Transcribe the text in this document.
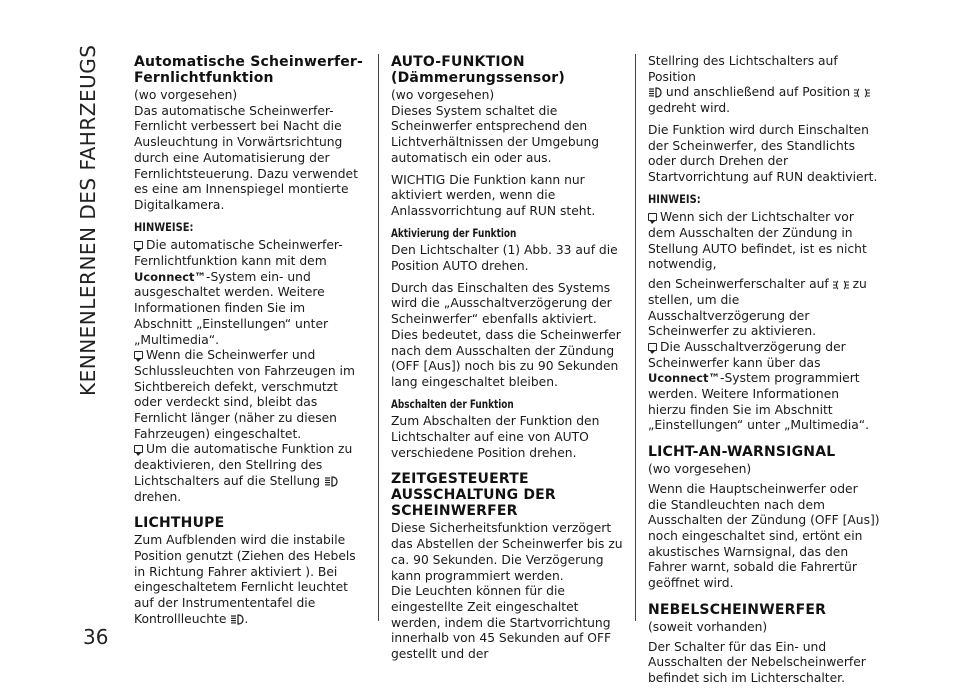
KENNENLERNEN DES FAHRZEUGS
36
Automatische Scheinwerfer-Fernlichtfunktion
(wo vorgesehen)
Das automatische Scheinwerfer-Fernlicht verbessert bei Nacht die Ausleuchtung in Vorwärtsrichtung durch eine Automatisierung der Fernlichtsteuerung. Dazu verwendet es eine am Innenspiegel montierte Digitalkamera.
HINWEISE:
Die automatische Scheinwerfer-Fernlichtfunktion kann mit dem Uconnect™-System ein- und ausgeschaltet werden. Weitere Informationen finden Sie im Abschnitt „Einstellungen“ unter „Multimedia“.
Wenn die Scheinwerfer und Schlussleuchten von Fahrzeugen im Sichtbereich defekt, verschmutzt oder verdeckt sind, bleibt das Fernlicht länger (näher zu diesen Fahrzeugen) eingeschaltet.
Um die automatische Funktion zu deaktivieren, den Stellring des Lichtschalters auf die Stellung
drehen.
LICHTHUPE
Zum Aufblenden wird die instabile Position genutzt (Ziehen des Hebels in Richtung Fahrer aktiviert ). Bei eingeschaltetem Fernlicht leuchtet auf der Instrumententafel die Kontrollleuchte .
AUTO-FUNKTION (Dämmerungssensor)
(wo vorgesehen)
Dieses System schaltet die Scheinwerfer entsprechend den Lichtverhältnissen der Umgebung automatisch ein oder aus.
WICHTIG Die Funktion kann nur aktiviert werden, wenn die Anlassvorrichtung auf RUN steht.
Aktivierung der Funktion
Den Lichtschalter (1) Abb. 33 auf die Position AUTO drehen.
Durch das Einschalten des Systems wird die „Ausschaltverzögerung der Scheinwerfer“ ebenfalls aktiviert. Dies bedeutet, dass die Scheinwerfer nach dem Ausschalten der Zündung (OFF [Aus]) noch bis zu 90 Sekunden lang eingeschaltet bleiben.
Abschalten der Funktion
Zum Abschalten der Funktion den Lichtschalter auf eine von AUTO verschiedene Position drehen.
ZEITGESTEUERTE AUSSCHALTUNG DER SCHEINWERFER
Diese Sicherheitsfunktion verzögert das Abstellen der Scheinwerfer bis zu ca. 90 Sekunden. Die Verzögerung kann programmiert werden.
Die Leuchten können für die eingestellte Zeit eingeschaltet werden, indem die Startvorrichtung innerhalb von 45 Sekunden auf OFF gestellt und der
Stellring des Lichtschalters auf Position
und anschließend auf Position
gedreht wird.
Die Funktion wird durch Einschalten der Scheinwerfer, des Standlichts oder durch Drehen der Startvorrichtung auf RUN deaktiviert.
HINWEIS:
Wenn sich der Lichtschalter vor dem Ausschalten der Zündung in Stellung AUTO befindet, ist es nicht notwendig,
den Scheinwerferschalter auf  zu stellen, um die Ausschaltverzögerung der Scheinwerfer zu aktivieren.
Die Ausschaltverzögerung der Scheinwerfer kann über das Uconnect™-System programmiert werden. Weitere Informationen hierzu finden Sie im Abschnitt „Einstellungen“ unter „Multimedia“.
LICHT-AN-WARNSIGNAL
(wo vorgesehen)
Wenn die Hauptscheinwerfer oder die Standleuchten nach dem Ausschalten der Zündung (OFF [Aus]) noch eingeschaltet sind, ertönt ein akustisches Warnsignal, das den Fahrer warnt, sobald die Fahrertür geöffnet wird.
NEBELSCHEINWERFER
(soweit vorhanden)
Der Schalter für das Ein- und Ausschalten der Nebelscheinwerfer befindet sich im Lichterschalter.
